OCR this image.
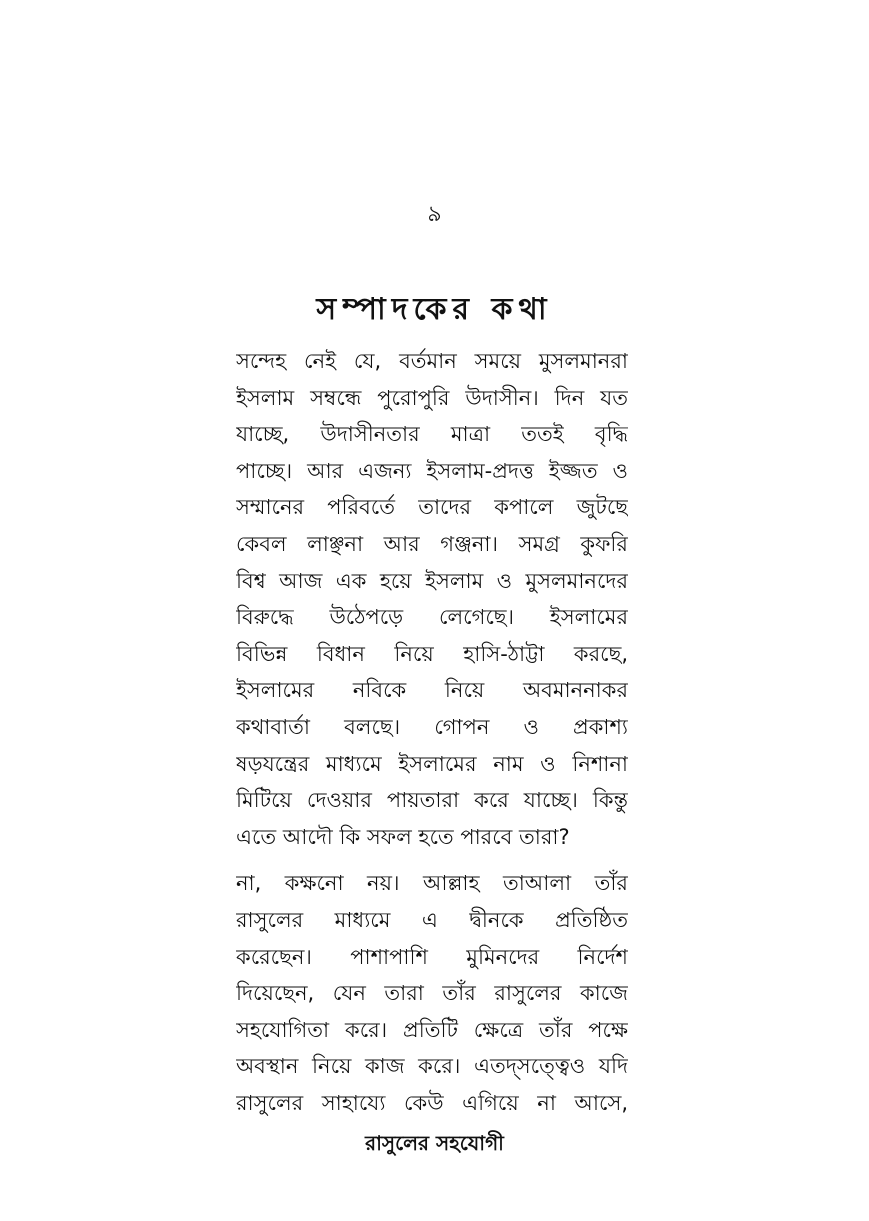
৯
সম্পাদকের কথা

সন্দেহ নেই যে, বর্তমান সময়ে মুসলমানরা
ইসলাম সম্বন্ধে পুরোপুরি উদাসীন। দিন যত
যাচ্ছে, উদাসীনতার মাত্রা ততই বৃদ্ধি
পাচ্ছে। আর এজন্য ইসলাম-প্রদত্ত ইজ্জত ও
সম্মানের পরিবর্তে তাদের কপালে জুটছে
কেবল লাঞ্ছনা আর গঞ্জনা। সমগ্র কুফরি
বিশ্ব আজ এক হয়ে ইসলাম ও মুসলমানদের
বিরুদ্ধে উঠেপড়ে লেগেছে। ইসলামের
বিভিন্ন বিধান নিয়ে হাসি-ঠাট্টা করছে,
ইসলামের নবিকে নিয়ে অবমাননাকর
কথাবার্তা বলছে। গোপন ও প্রকাশ্য
ষড়যন্ত্রের মাধ্যমে ইসলামের নাম ও নিশানা
মিটিয়ে দেওয়ার পায়তারা করে যাচ্ছে। কিন্তু
এতে আদৌ কি সফল হতে পারবে তারা?

না, কক্ষনো নয়। আল্লাহ তাআলা তাঁর
রাসুলের মাধ্যমে এ দ্বীনকে প্রতিষ্ঠিত
করেছেন। পাশাপাশি মুমিনদের নির্দেশ
দিয়েছেন, যেন তারা তাঁর রাসুলের কাজে
সহযোগিতা করে। প্রতিটি ক্ষেত্রে তাঁর পক্ষে
অবস্থান নিয়ে কাজ করে। এতদ্সত্ত্বেও যদি
রাসুলের সাহায্যে কেউ এগিয়ে না আসে,

রাসুলের সহযোগী
